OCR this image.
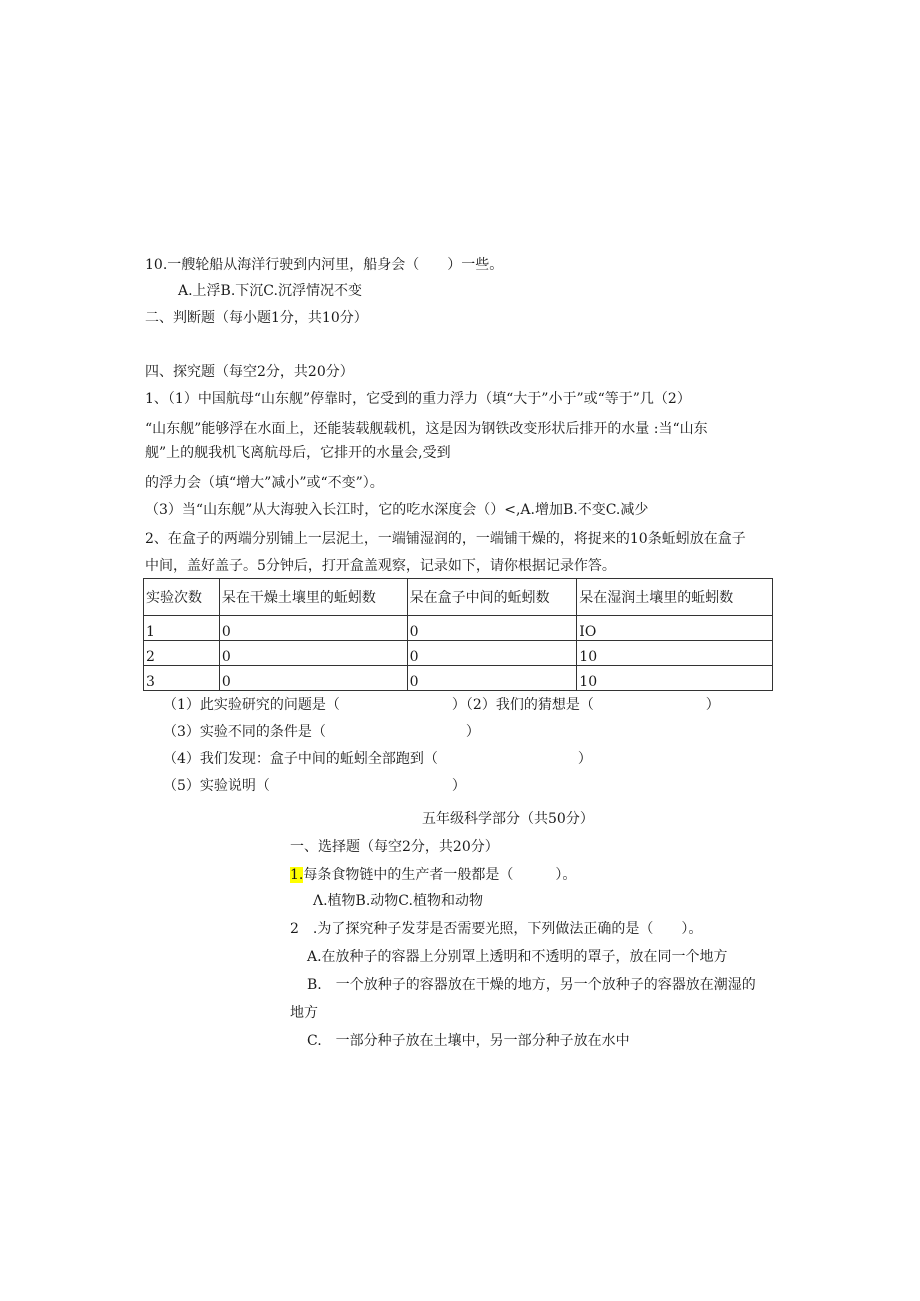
10.一艘轮船从海洋行驶到内河里，船身会（　　）一些。
A.上浮B.下沉C.沉浮情况不变
二、判断题（每小题1分，共10分）
四、探究题（每空2分，共20分）
1、（1）中国航母“山东舰”停靠时，它受到的重力浮力（填“大于”小于”或“等于”几（2）
“山东舰”能够浮在水面上，还能装载舰载机，这是因为钢铁改变形状后排开的水量 :当“山东
舰”上的舰我机飞离航母后，它排开的水量会,受到
的浮力会（填“增大”减小”或“不变”）。
（3）当“山东舰”从大海驶入长江时，它的吃水深度会（）<,A.增加B.不变C.减少
2、在盒子的两端分别铺上一层泥土，一端铺湿润的，一端铺干燥的，将捉来的10条蚯蚓放在盒子
中间，盖好盖子。5分钟后，打开盒盖观察，记录如下，请你根据记录作答。
实验次数	呆在干燥土壤里的蚯蚓数	呆在盒子中间的蚯蚓数	呆在湿润土壤里的蚯蚓数
1	0	0	IO
2	0	0	10
3	0	0	10
（1）此实验研究的问题是（　　　　　　　　）（2）我们的猜想是（　　　　　　　　）
（3）实验不同的条件是（　　　　　　　　　　）
（4）我们发现：盒子中间的蚯蚓全部跑到（　　　　　　　　　　）
（5）实验说明（　　　　　　　　　　　　　）
五年级科学部分（共50分）
一、选择题（每空2分，共20分）
1.每条食物链中的生产者一般都是（　　　）。
Λ.植物B.动物C.植物和动物
2　.为了探究种子发芽是否需要光照，下列做法正确的是（　　）。
A.在放种子的容器上分别罩上透明和不透明的罩子，放在同一个地方
B.　一个放种子的容器放在干燥的地方，另一个放种子的容器放在潮湿的
地方
C.　一部分种子放在土壤中，另一部分种子放在水中
